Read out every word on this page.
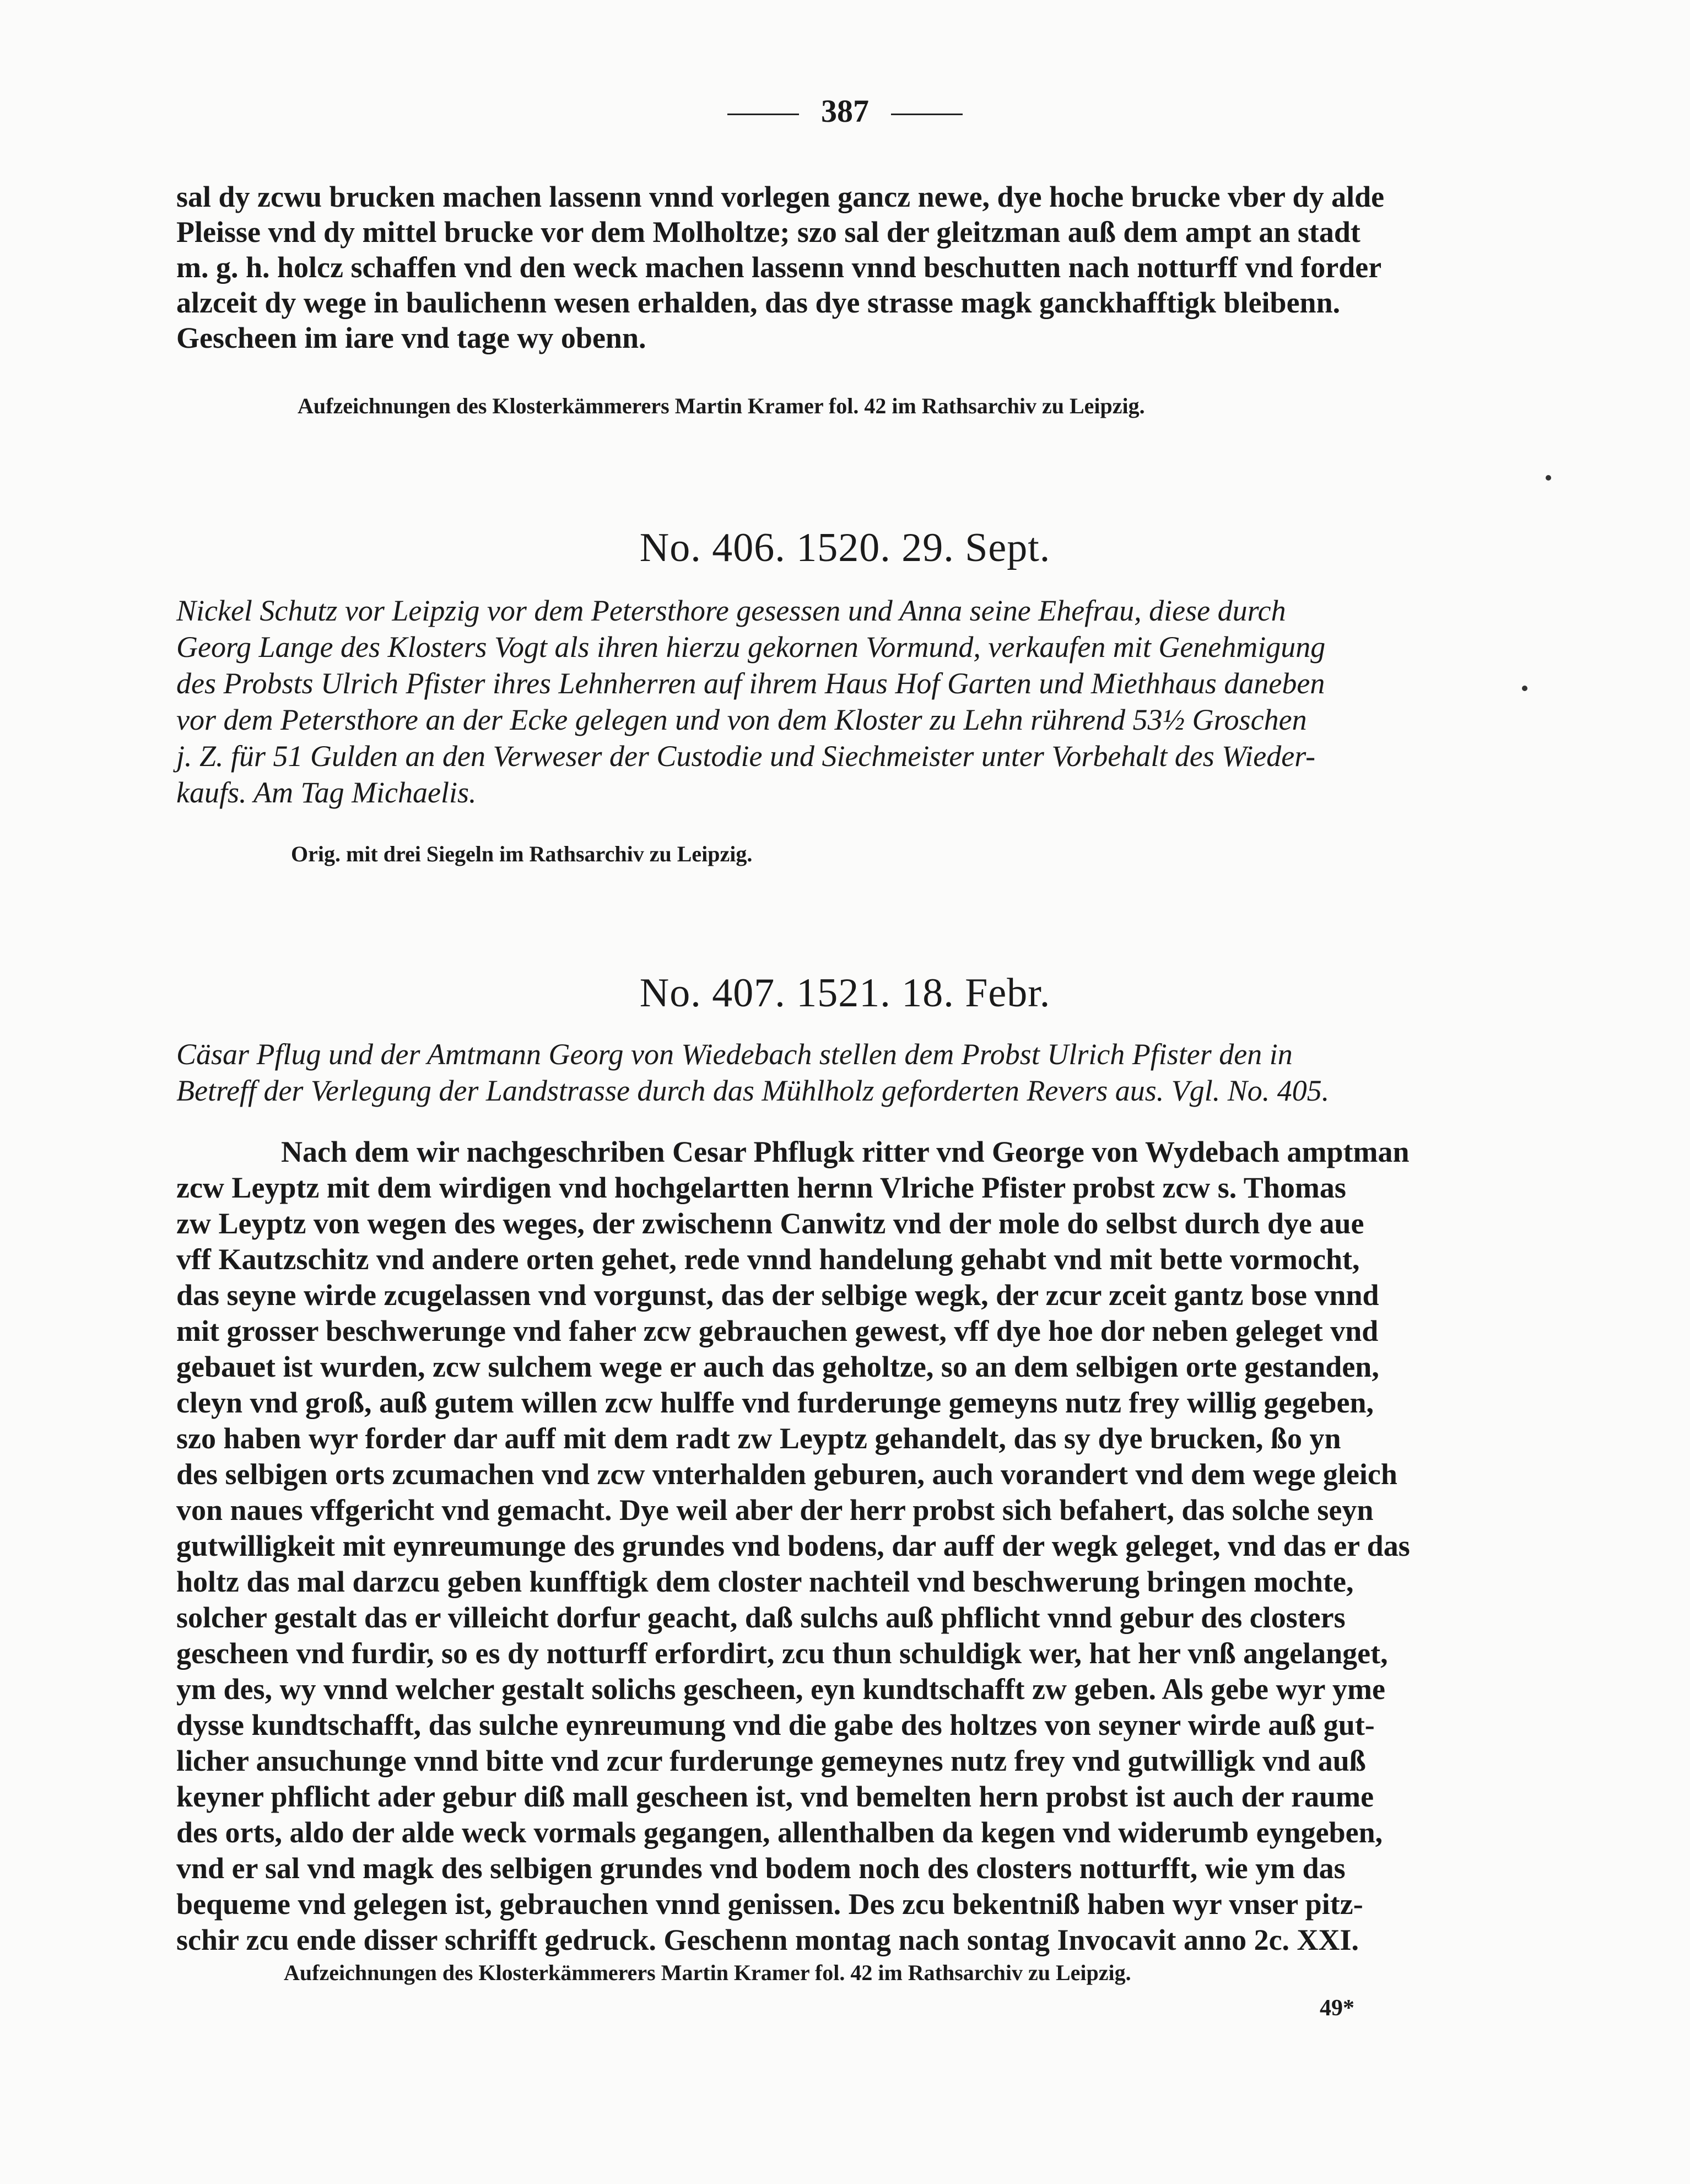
387
sal dy zcwu brucken machen lassenn vnnd vorlegen gancz newe, dye hoche brucke vber dy alde
Pleisse vnd dy mittel brucke vor dem Molholtze; szo sal der gleitzman auß dem ampt an stadt
m. g. h. holcz schaffen vnd den weck machen lassenn vnnd beschutten nach notturff vnd forder
alzceit dy wege in baulichenn wesen erhalden, das dye strasse magk ganckhafftigk bleibenn.
Gescheen im iare vnd tage wy obenn.
Aufzeichnungen des Klosterkämmerers Martin Kramer fol. 42 im Rathsarchiv zu Leipzig.
No. 406. 1520. 29. Sept.
Nickel Schutz vor Leipzig vor dem Petersthore gesessen und Anna seine Ehefrau, diese durch
Georg Lange des Klosters Vogt als ihren hierzu gekornen Vormund, verkaufen mit Genehmigung
des Probsts Ulrich Pfister ihres Lehnherren auf ihrem Haus Hof Garten und Miethhaus daneben
vor dem Petersthore an der Ecke gelegen und von dem Kloster zu Lehn rührend 53½ Groschen
j. Z. für 51 Gulden an den Verweser der Custodie und Siechmeister unter Vorbehalt des Wieder-
kaufs. Am Tag Michaelis.
Orig. mit drei Siegeln im Rathsarchiv zu Leipzig.
No. 407. 1521. 18. Febr.
Cäsar Pflug und der Amtmann Georg von Wiedebach stellen dem Probst Ulrich Pfister den in
Betreff der Verlegung der Landstrasse durch das Mühlholz geforderten Revers aus. Vgl. No. 405.
Nach dem wir nachgeschriben Cesar Phflugk ritter vnd George von Wydebach amptman
zcw Leyptz mit dem wirdigen vnd hochgelartten hernn Vlriche Pfister probst zcw s. Thomas
zw Leyptz von wegen des weges, der zwischenn Canwitz vnd der mole do selbst durch dye aue
vff Kautzschitz vnd andere orten gehet, rede vnnd handelung gehabt vnd mit bette vormocht,
das seyne wirde zcugelassen vnd vorgunst, das der selbige wegk, der zcur zceit gantz bose vnnd
mit grosser beschwerunge vnd faher zcw gebrauchen gewest, vff dye hoe dor neben geleget vnd
gebauet ist wurden, zcw sulchem wege er auch das geholtze, so an dem selbigen orte gestanden,
cleyn vnd groß, auß gutem willen zcw hulffe vnd furderunge gemeyns nutz frey willig gegeben,
szo haben wyr forder dar auff mit dem radt zw Leyptz gehandelt, das sy dye brucken, ßo yn
des selbigen orts zcumachen vnd zcw vnterhalden geburen, auch vorandert vnd dem wege gleich
von naues vffgericht vnd gemacht. Dye weil aber der herr probst sich befahert, das solche seyn
gutwilligkeit mit eynreumunge des grundes vnd bodens, dar auff der wegk geleget, vnd das er das
holtz das mal darzcu geben kunfftigk dem closter nachteil vnd beschwerung bringen mochte,
solcher gestalt das er villeicht dorfur geacht, daß sulchs auß phflicht vnnd gebur des closters
gescheen vnd furdir, so es dy notturff erfordirt, zcu thun schuldigk wer, hat her vnß angelanget,
ym des, wy vnnd welcher gestalt solichs gescheen, eyn kundtschafft zw geben. Als gebe wyr yme
dysse kundtschafft, das sulche eynreumung vnd die gabe des holtzes von seyner wirde auß gut-
licher ansuchunge vnnd bitte vnd zcur furderunge gemeynes nutz frey vnd gutwilligk vnd auß
keyner phflicht ader gebur diß mall gescheen ist, vnd bemelten hern probst ist auch der raume
des orts, aldo der alde weck vormals gegangen, allenthalben da kegen vnd widerumb eyngeben,
vnd er sal vnd magk des selbigen grundes vnd bodem noch des closters notturfft, wie ym das
bequeme vnd gelegen ist, gebrauchen vnnd genissen. Des zcu bekentniß haben wyr vnser pitz-
schir zcu ende disser schrifft gedruck. Geschenn montag nach sontag Invocavit anno 2c. XXI.
Aufzeichnungen des Klosterkämmerers Martin Kramer fol. 42 im Rathsarchiv zu Leipzig.
49*
